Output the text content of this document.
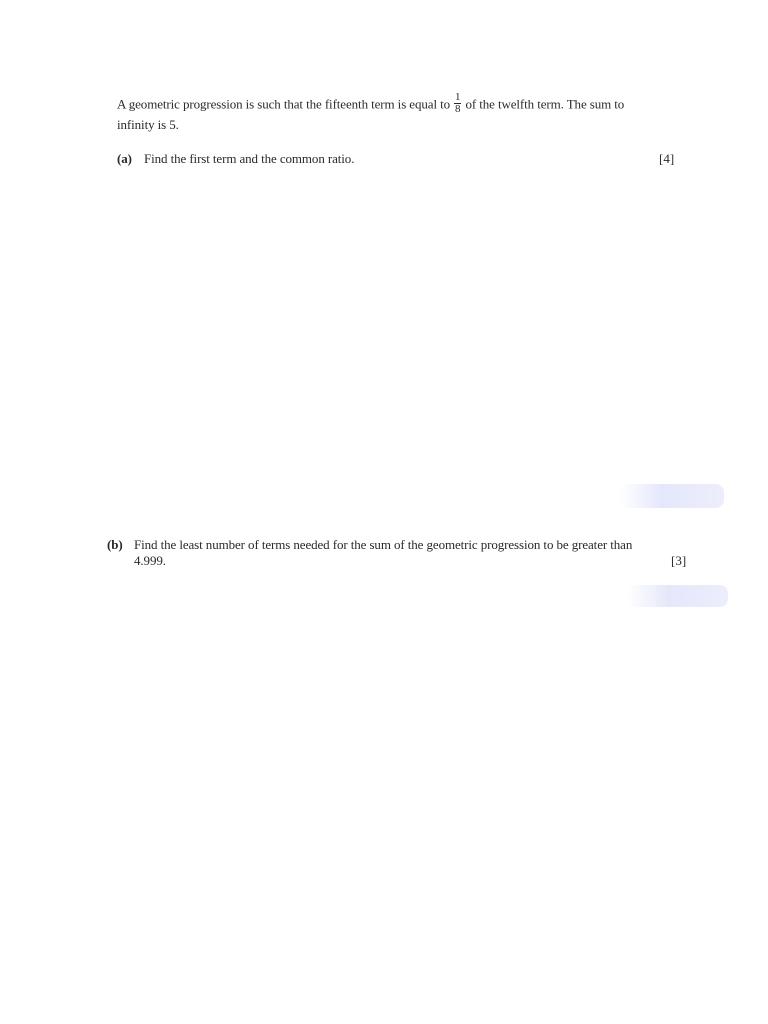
A geometric progression is such that the fifteenth term is equal to $\frac{1}{8}$ of the twelfth term. The sum to
infinity is 5.
(a) Find the first term and the common ratio.	[4]
(b) Find the least number of terms needed for the sum of the geometric progression to be greater than
4.999.	[3]
